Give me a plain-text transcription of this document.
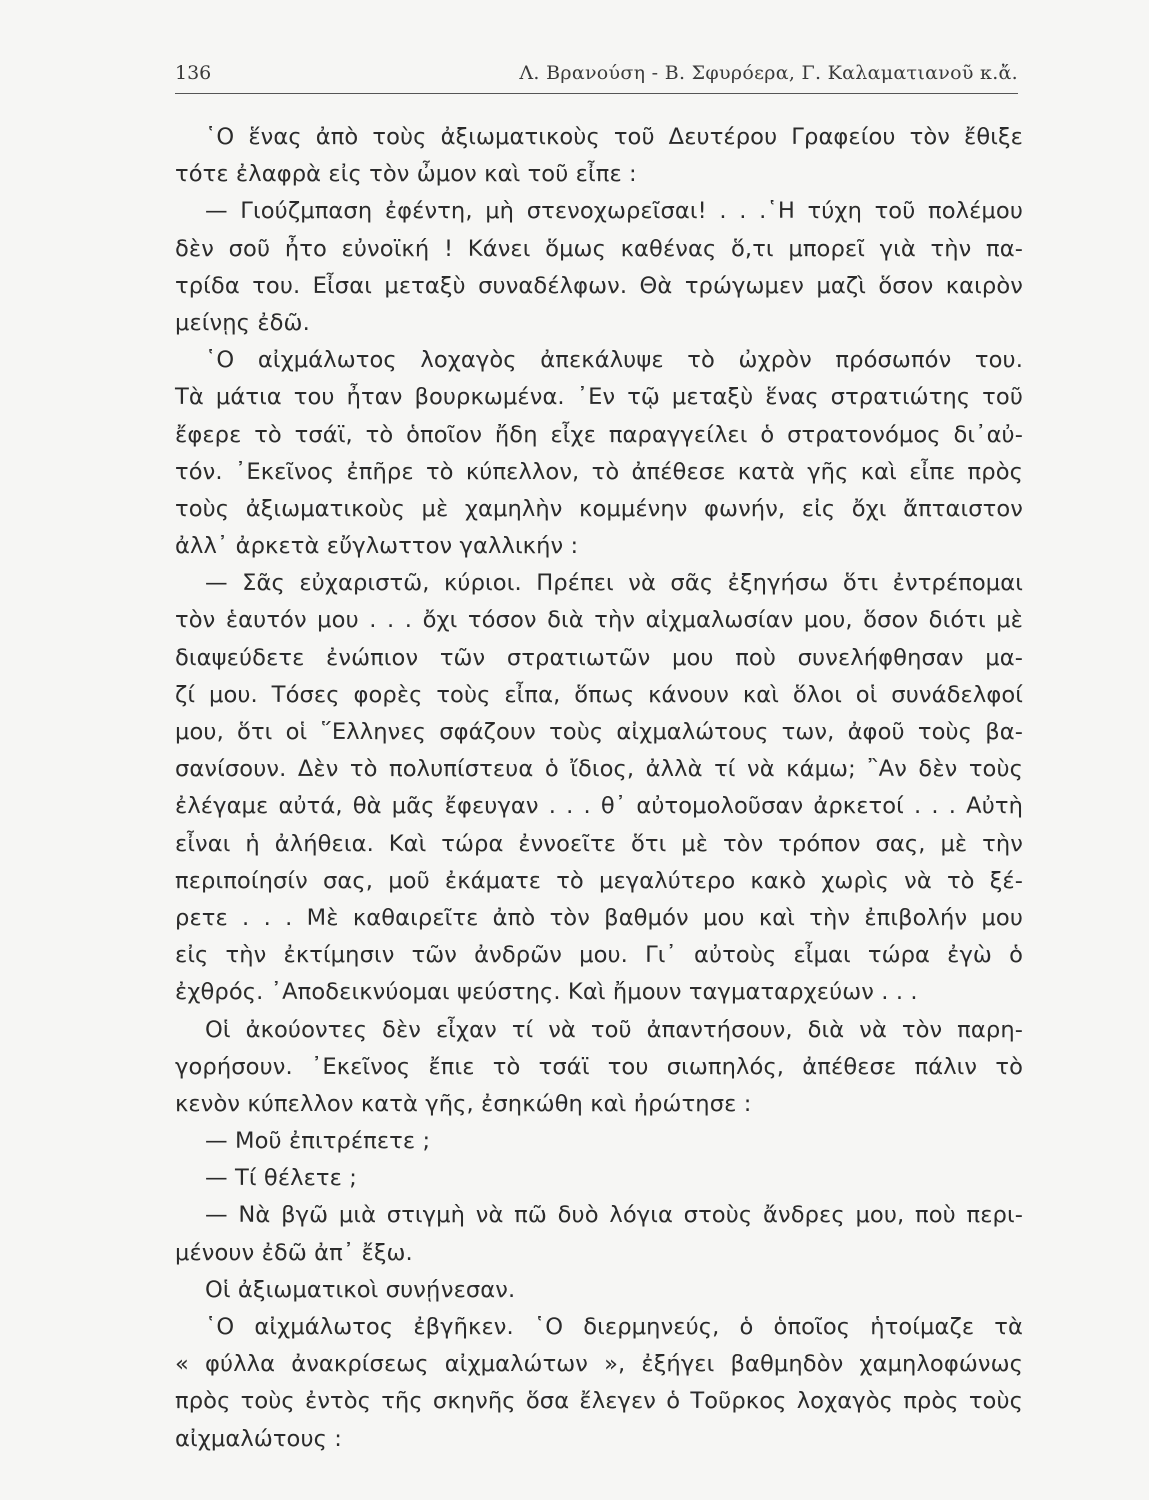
136	Λ. Βρανούση - Β. Σφυρόερα, Γ. Καλαματιανοῦ κ.ἄ.
῾Ο ἕνας ἀπὸ τοὺς ἀξιωματικοὺς τοῦ Δευτέρου Γραφείου τὸν ἔθιξε
τότε ἐλαφρὰ εἰς τὸν ὦμον καὶ τοῦ εἶπε :
— Γιούζμπαση ἐφέντη, μὴ στενοχωρεῖσαι! . . .῾Η τύχη τοῦ πολέμου
δὲν σοῦ ἦτο εὐνοϊκή ! Κάνει ὅμως καθένας ὅ,τι μπορεῖ γιὰ τὴν πα-
τρίδα του. Εἶσαι μεταξὺ συναδέλφων. Θὰ τρώγωμεν μαζὶ ὅσον καιρὸν
μείνῃς ἐδῶ.
῾Ο αἰχμάλωτος λοχαγὸς ἀπεκάλυψε τὸ ὠχρὸν πρόσωπόν του.
Τὰ μάτια του ἦταν βουρκωμένα. ᾿Εν τῷ μεταξὺ ἕνας στρατιώτης τοῦ
ἔφερε τὸ τσάϊ, τὸ ὁποῖον ἤδη εἶχε παραγγείλει ὁ στρατονόμος δι᾿αὐ-
τόν. ᾿Εκεῖνος ἐπῆρε τὸ κύπελλον, τὸ ἀπέθεσε κατὰ γῆς καὶ εἶπε πρὸς
τοὺς ἀξιωματικοὺς μὲ χαμηλὴν κομμένην φωνήν, εἰς ὄχι ἄπταιστον
ἀλλ᾿ ἀρκετὰ εὔγλωττον γαλλικήν :
— Σᾶς εὐχαριστῶ, κύριοι. Πρέπει νὰ σᾶς ἐξηγήσω ὅτι ἐντρέπομαι
τὸν ἑαυτόν μου . . . ὄχι τόσον διὰ τὴν αἰχμαλωσίαν μου, ὅσον διότι μὲ
διαψεύδετε ἐνώπιον τῶν στρατιωτῶν μου ποὺ συνελήφθησαν μα-
ζί μου. Τόσες φορὲς τοὺς εἶπα, ὅπως κάνουν καὶ ὅλοι οἱ συνάδελφοί
μου, ὅτι οἱ ῞Ελληνες σφάζουν τοὺς αἰχμαλώτους των, ἀφοῦ τοὺς βα-
σανίσουν. Δὲν τὸ πολυπίστευα ὁ ἴδιος, ἀλλὰ τί νὰ κάμω; ῍Αν δὲν τοὺς
ἐλέγαμε αὐτά, θὰ μᾶς ἔφευγαν . . . θ᾿ αὐτομολοῦσαν ἀρκετοί . . . Αὐτὴ
εἶναι ἡ ἀλήθεια. Καὶ τώρα ἐννοεῖτε ὅτι μὲ τὸν τρόπον σας, μὲ τὴν
περιποίησίν σας, μοῦ ἐκάματε τὸ μεγαλύτερο κακὸ χωρὶς νὰ τὸ ξέ-
ρετε . . . Μὲ καθαιρεῖτε ἀπὸ τὸν βαθμόν μου καὶ τὴν ἐπιβολήν μου
εἰς τὴν ἐκτίμησιν τῶν ἀνδρῶν μου. Γι᾿ αὐτοὺς εἶμαι τώρα ἐγὼ ὁ
ἐχθρός. ᾿Αποδεικνύομαι ψεύστης. Καὶ ἤμουν ταγματαρχεύων . . .
Οἱ ἀκούοντες δὲν εἶχαν τί νὰ τοῦ ἀπαντήσουν, διὰ νὰ τὸν παρη-
γορήσουν. ᾿Εκεῖνος ἔπιε τὸ τσάϊ του σιωπηλός, ἀπέθεσε πάλιν τὸ
κενὸν κύπελλον κατὰ γῆς, ἐσηκώθη καὶ ἠρώτησε :
— Μοῦ ἐπιτρέπετε ;
— Τί θέλετε ;
— Νὰ βγῶ μιὰ στιγμὴ νὰ πῶ δυὸ λόγια στοὺς ἄνδρες μου, ποὺ περι-
μένουν ἐδῶ ἀπ᾿ ἔξω.
Οἱ ἀξιωματικοὶ συνῄνεσαν.
῾Ο αἰχμάλωτος ἐβγῆκεν. ῾Ο διερμηνεύς, ὁ ὁποῖος ἡτοίμαζε τὰ
« φύλλα ἀνακρίσεως αἰχμαλώτων », ἐξήγει βαθμηδὸν χαμηλοφώνως
πρὸς τοὺς ἐντὸς τῆς σκηνῆς ὅσα ἔλεγεν ὁ Τοῦρκος λοχαγὸς πρὸς τοὺς
αἰχμαλώτους :
